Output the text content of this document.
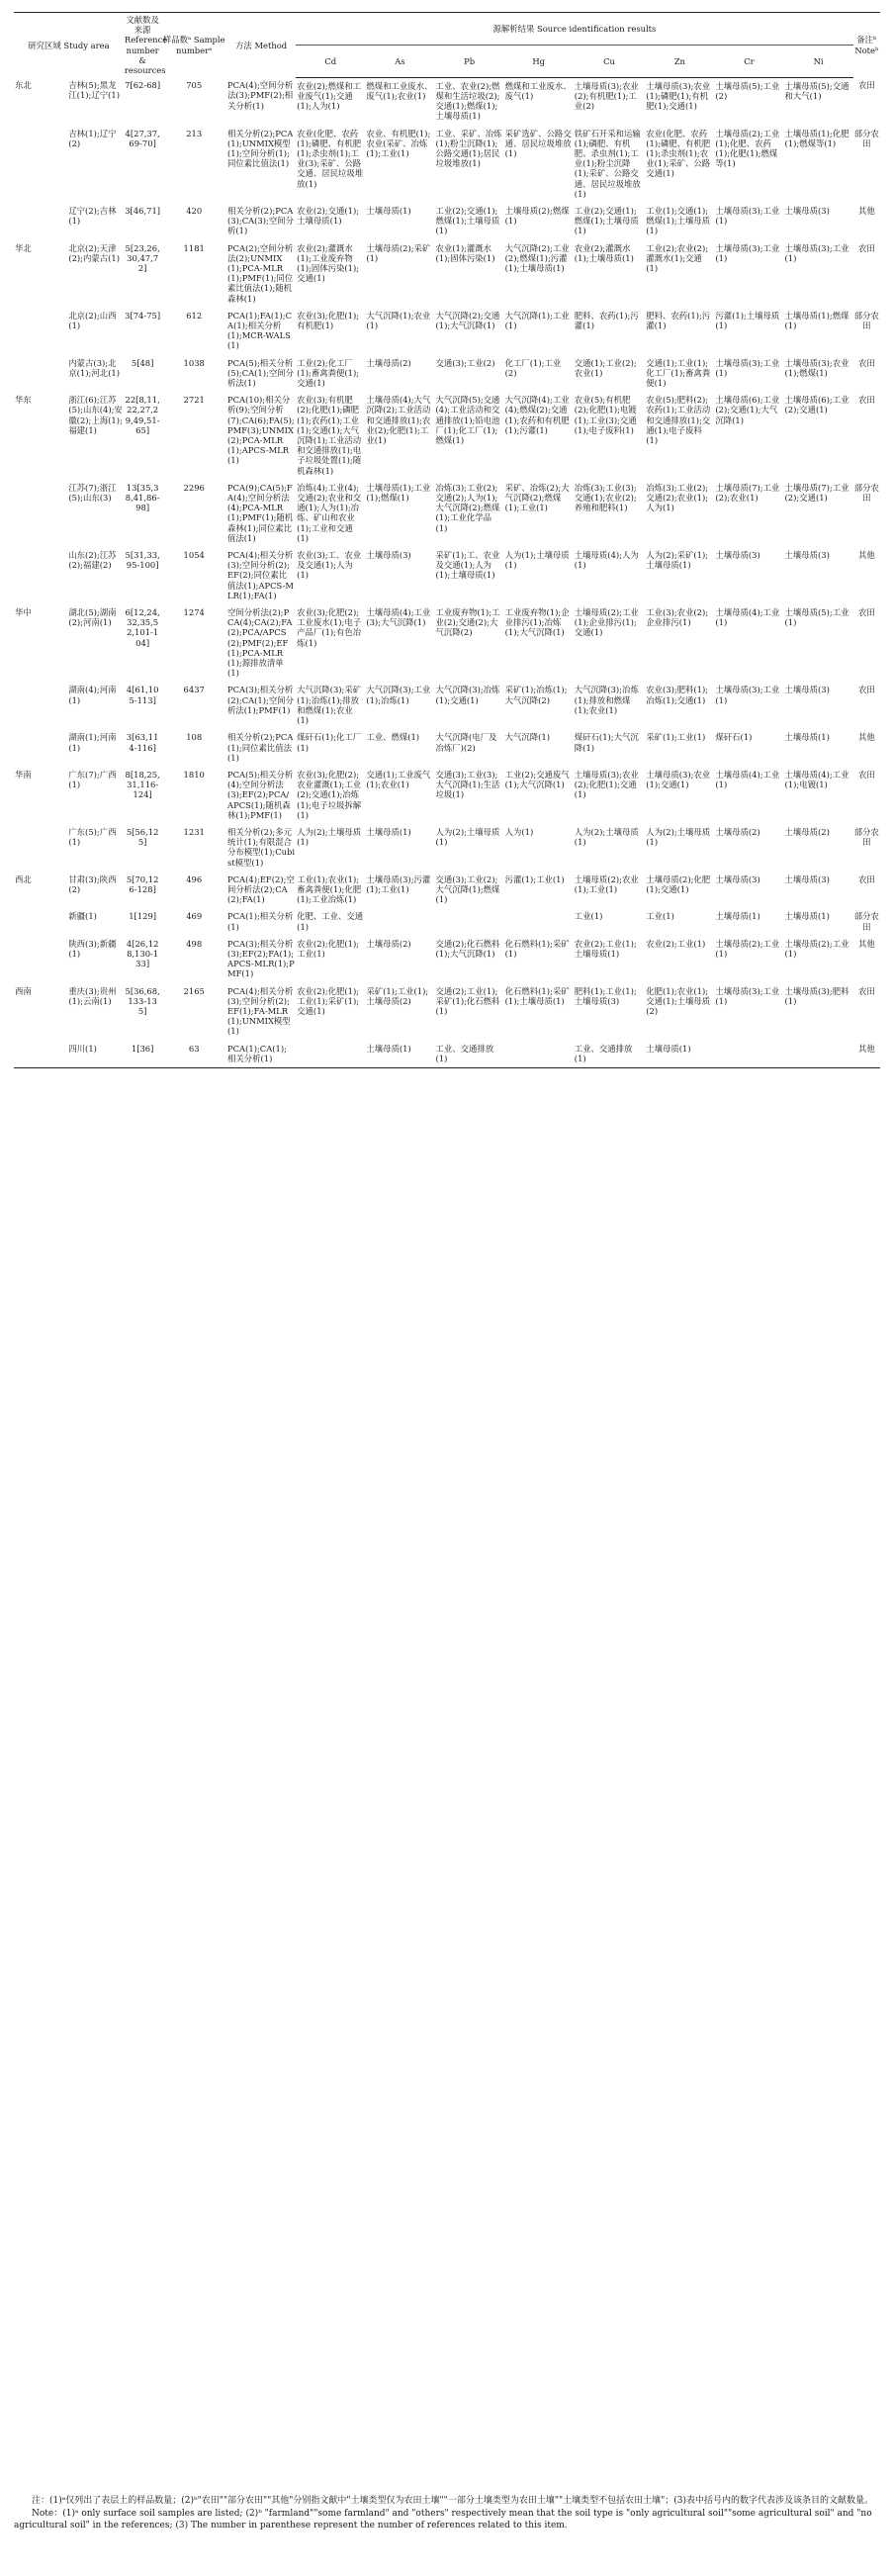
研究区域 Study area		文献数及来源 Reference number & resources	样品数ᵃ Sample numberᵃ	方法 Method	源解析结果 Source identification results								备注ᵇ Noteᵇ
					Cd	As	Pb	Hg	Cu	Zn	Cr	Ni	
东北	吉林(5);黑龙江(1);辽宁(1)	7[62-68]	705	PCA(4);空间分析法(3);PMF(2);相关分析(1)	农业(2);燃煤和工业废气(1);交通(1);人为(1)	燃煤和工业废水、废气(1);农业(1)	工业、农业(2);燃煤和生活垃圾(2);交通(1);燃煤(1);土壤母质(1)	燃煤和工业废水、废气(1)	土壤母质(3);农业(2);有机肥(1);工业(2)	土壤母质(3);农业(1);磷肥(1);有机肥(1);交通(1)	土壤母质(5);工业(2)	土壤母质(5);交通和大气(1)	农田
	吉林(1);辽宁(2)	4[27,37,69-70]	213	相关分析(2);PCA(1);UNMIX模型(1);空间分析(1);同位素比值法(1)	农业(化肥、农药(1);磷肥、有机肥(1);杀虫剂(1);工业(3);采矿、公路交通、居民垃圾堆放(1)	农业、有机肥(1);农业(采矿、冶炼(1);工业(1)	工业、采矿、冶炼(1);粉尘沉降(1);公路交通(1);居民垃圾堆放(1)	采矿选矿、公路交通、居民垃圾堆放(1)	铁矿石开采和运输(1);磷肥、有机肥、杀虫剂(1);工业(1);粉尘沉降(1);采矿、公路交通、居民垃圾堆放(1)	农业(化肥、农药(1);磷肥、有机肥(1);杀虫剂(1);农业(1);采矿、公路交通(1)	土壤母质(2);工业(1);化肥、农药(1);化肥(1);燃煤等(1)	土壤母质(1);化肥(1);燃煤等(1)	部分农田
	辽宁(2);吉林(1)	3[46,71]	420	相关分析(2);PCA(3);CA(3);空间分析(1)	农业(2);交通(1);土壤母质(1)	土壤母质(1)	工业(2);交通(1);燃煤(1);土壤母质(1)	土壤母质(2);燃煤(1)	工业(2);交通(1);燃煤(1);土壤母质(1)	工业(1);交通(1);燃煤(1);土壤母质(1)	土壤母质(3);工业(1)	土壤母质(3)	其他
华北	北京(2);天津(2);内蒙古(1)	5[23,26,30,47,72]	1181	PCA(2);空间分析法(2);UNMIX(1);PCA-MLR(1);PMF(1);同位素比值法(1);随机森林(1)	农业(2);灌溉水(1);工业废弃物(1);固体污染(1);交通(1)	土壤母质(2);采矿(1)	农业(1);灌溉水(1);固体污染(1)	大气沉降(2);工业(2);燃煤(1);污灌(1);土壤母质(1)	农业(2);灌溉水(1);土壤母质(1)	工业(2);农业(2);灌溉水(1);交通(1)	土壤母质(3);工业(1)	土壤母质(3);工业(1)	农田
	北京(2);山西(1)	3[74-75]	612	PCA(1);FA(1);CA(1);相关分析(1);MCR-WALS(1)	农业(3);化肥(1);有机肥(1)	大气沉降(1);农业(1)	大气沉降(2);交通(1);大气沉降(1)	大气沉降(1);工业(1)	肥料、农药(1);污灌(1)	肥料、农药(1);污灌(1)	污灌(1);土壤母质(1)	土壤母质(1);燃煤(1)	部分农田
	内蒙古(3);北京(1);河北(1)	5[48]	1038	PCA(5);相关分析(5);CA(1);空间分析法(1)	工业(2);化工厂(1);畜禽粪便(1);交通(1)	土壤母质(2)	交通(3);工业(2)	化工厂(1);工业(2)	交通(1);工业(2);农业(1)	交通(1);工业(1);化工厂(1);畜禽粪便(1)	土壤母质(3);工业(1)	土壤母质(3);农业(1);燃煤(1)	农田
华东	浙江(6);江苏(5);山东(4);安徽(2);上海(1);福建(1)	22[8,11,22,27,29,49,51-65]	2721	PCA(10);相关分析(9);空间分析(7);CA(6);FA(5);PMF(3);UNMIX(2);PCA-MLR(1);APCS-MLR(1)	农业(3);有机肥(2);化肥(1);磷肥(1);农药(1);工业(1);交通(1);大气沉降(1);工业活动和交通排放(1);电子垃圾处置(1);随机森林(1)	土壤母质(4);大气沉降(2);工业活动和交通排放(1);农业(2);化肥(1);工业(1)	大气沉降(5);交通(4);工业活动和交通排放(1);铅电池厂(1);化工厂(1);燃煤(1)	大气沉降(4);工业(4);燃煤(2);交通(1);农药和有机肥(1);污灌(1)	农业(5);有机肥(2);化肥(1);电镀(1);工业(3);交通(1);电子废料(1)	农业(5);肥料(2);农药(1);工业活动和交通排放(1);交通(1);电子废料(1)	土壤母质(6);工业(2);交通(1);大气沉降(1)	土壤母质(6);工业(2);交通(1)	农田
	江苏(7);浙江(5);山东(3)	13[35,38,41,86-98]	2296	PCA(9);CA(5);FA(4);空间分析法(4);PCA-MLR(1);PMF(1);随机森林(1);同位素比值法(1)	冶炼(4);工业(4);交通(2);农业和交通(1);人为(1);冶炼、矿山和农业(1);工业和交通(1)	土壤母质(1);工业(1);燃煤(1)	冶炼(3);工业(2);交通(2);人为(1);大气沉降(2);燃煤(1);工业化学品(1)	采矿、冶炼(2);大气沉降(2);燃煤(1);工业(1)	冶炼(3);工业(3);交通(1);农业(2);养殖和肥料(1)	冶炼(3);工业(2);交通(2);农业(1);人为(1)	土壤母质(7);工业(2);农业(1)	土壤母质(7);工业(2);交通(1)	部分农田
	山东(2);江苏(2);福建(2)	5[31,33,95-100]	1054	PCA(4);相关分析(3);空间分析(2);EF(2);同位素比值法(1);APCS-MLR(1);FA(1)	农业(3);工、农业及交通(1);人为(1)	土壤母质(3)	采矿(1);工、农业及交通(1);人为(1);土壤母质(1)	人为(1);土壤母质(1)	土壤母质(4);人为(1)	人为(2);采矿(1);土壤母质(1)	土壤母质(3)	土壤母质(3)	其他
华中	湖北(5);湖南(2);河南(1)	6[12,24,32,35,52,101-104]	1274	空间分析法(2);PCA(4);CA(2);FA(2);PCA/APCS(2);PMF(2);EF(1);PCA-MLR(1);源排放清单(1)	农业(3);化肥(2);工业废水(1);电子产品厂(1);有色冶炼(1)	土壤母质(4);工业(3);大气沉降(1)	工业废弃物(1);工业(2);交通(2);大气沉降(2)	工业废弃物(1);企业排污(1);冶炼(1);大气沉降(1)	土壤母质(2);工业(1);企业排污(1);交通(1)	工业(3);农业(2);企业排污(1)	土壤母质(4);工业(1)	土壤母质(5);工业(1)	农田
	湖南(4);河南(1)	4[61,105-113]	6437	PCA(3);相关分析(2);CA(1);空间分析法(1);PMF(1)	大气沉降(3);采矿(1);冶炼(1);排放和燃煤(1);农业(1)	大气沉降(3);工业(1);冶炼(1)	大气沉降(3);冶炼(1);交通(1)	采矿(1);冶炼(1);大气沉降(2)	大气沉降(3);冶炼(1);排放和燃煤(1);农业(1)	农业(3);肥料(1);冶炼(1);交通(1)	土壤母质(3);工业(1)	土壤母质(3)	农田
	湖南(1);河南(1)	3[63,114-116]	108	相关分析(2);PCA(1);同位素比值法(1)	煤矸石(1);化工厂(1)	工业、燃煤(1)	大气沉降(电厂及冶炼厂)(2)	大气沉降(1)	煤矸石(1);大气沉降(1)	采矿(1);工业(1)	煤矸石(1)	土壤母质(1)	其他
华南	广东(7);广西(1)	8[18,25,31,116-124]	1810	PCA(5);相关分析(4);空间分析法(3);EF(2);PCA/APCS(1);随机森林(1);PMF(1)	农业(3);化肥(2);农业灌溉(1);工业(2);交通(1);冶炼(1);电子垃圾拆解(1)	交通(1);工业废气(1);农业(1)	交通(3);工业(3);大气沉降(1);生活垃圾(1)	工业(2);交通废气(1);大气沉降(1)	土壤母质(3);农业(2);化肥(1);交通(1)	土壤母质(3);农业(1);交通(1)	土壤母质(4);工业(1)	土壤母质(4);工业(1);电镀(1)	农田
	广东(5);广西(1)	5[56,125]	1231	相关分析(2);多元统计(1);有限混合分布模型(1);Cubist模型(1)	人为(2);土壤母质(1)	土壤母质(1)	人为(2);土壤母质(1)	人为(1)	人为(2);土壤母质(1)	人为(2);土壤母质(1)	土壤母质(2)	土壤母质(2)	部分农田
西北	甘肃(3);陕西(2)	5[70,126-128]	496	PCA(4);EF(2);空间分析法(2);CA(2);FA(1)	工业(1);农业(1);畜禽粪便(1);化肥(1);工业冶炼(1)	土壤母质(3);污灌(1);工业(1)	交通(3);工业(2);大气沉降(1);燃煤(1)	污灌(1);工业(1)	土壤母质(2);农业(1);工业(1)	土壤母质(2);化肥(1);交通(1)	土壤母质(3)	土壤母质(3)	农田
	新疆(1)	1[129]	469	PCA(1);相关分析(1)	化肥、工业、交通(1)				工业(1)	工业(1)	土壤母质(1)	土壤母质(1)	部分农田
	陕西(3);新疆(1)	4[26,128,130-133]	498	PCA(3);相关分析(3);EF(2);FA(1);APCS-MLR(1);PMF(1)	农业(2);化肥(1);工业(1)	土壤母质(2)	交通(2);化石燃料(1);大气沉降(1)	化石燃料(1);采矿(1)	农业(2);工业(1);土壤母质(1)	农业(2);工业(1)	土壤母质(2);工业(1)	土壤母质(2);工业(1)	其他
西南	重庆(3);贵州(1);云南(1)	5[36,68,133-135]	2165	PCA(4);相关分析(3);空间分析(2);EF(1);FA-MLR(1);UNMIX模型(1)	农业(2);化肥(1);工业(1);采矿(1);交通(1)	采矿(1);工业(1);土壤母质(2)	交通(2);工业(1);采矿(1);化石燃料(1)	化石燃料(1);采矿(1);土壤母质(1)	肥料(1);工业(1);土壤母质(3)	化肥(1);农业(1);交通(1);土壤母质(2)	土壤母质(3);工业(1)	土壤母质(3);肥料(1)	农田
	四川(1)	1[36]	63	PCA(1);CA(1);相关分析(1)		土壤母质(1)	工业、交通排放(1)		工业、交通排放(1)	土壤母质(1)			其他

注：(1)ᵃ仅列出了表层土的样品数量；(2)ᵇ"农田""部分农田""其他"分别指文献中"土壤类型仅为农田土壤""一部分土壤类型为农田土壤""土壤类型不包括农田土壤"；(3)表中括号内的数字代表涉及该条目的文献数量。

Note：(1)ᵃ only surface soil samples are listed; (2)ᵇ "farmland""some farmland" and "others" respectively mean that the soil type is "only agricultural soil""some agricultural soil" and "no agricultural soil" in the references; (3) The number in parenthese represent the number of references related to this item.
